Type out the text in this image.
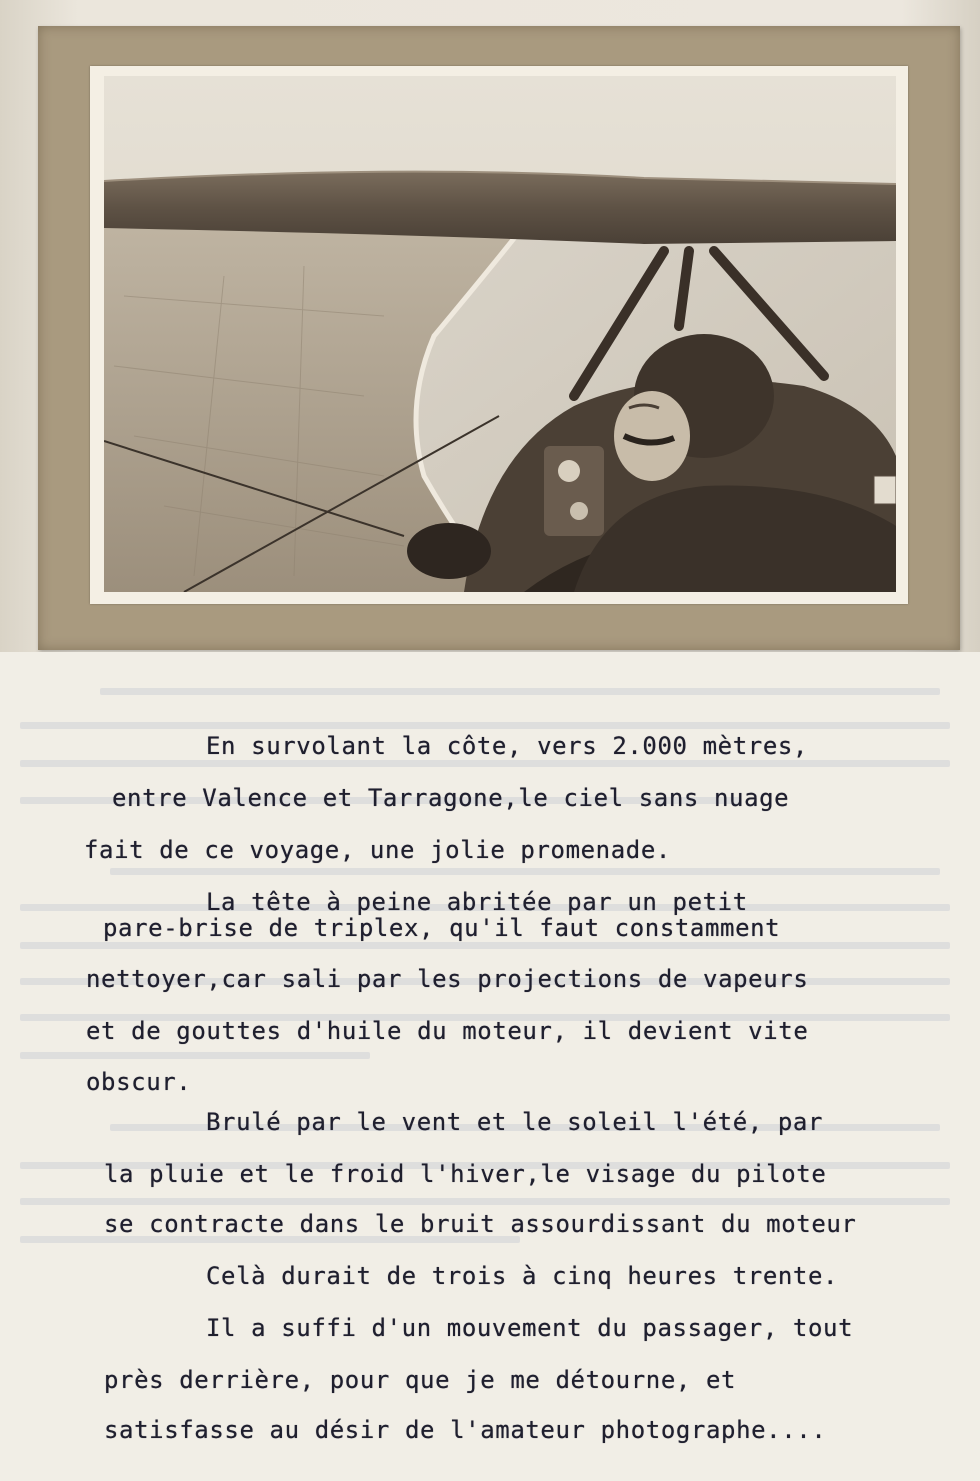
En survolant la côte, vers 2.000 mètres,
entre Valence et Tarragone,le ciel sans nuage
fait de ce voyage, une jolie promenade.
La tête à peine abritée par un petit
pare-brise de triplex, qu'il faut constamment
nettoyer,car sali par les projections de vapeurs
et de gouttes d'huile du moteur, il devient vite
obscur.
Brulé par le vent et le soleil l'été, par
la pluie et le froid l'hiver,le visage du pilote
se contracte dans le bruit assourdissant du moteur
Celà durait de trois à cinq heures trente.
Il a suffi d'un mouvement du passager, tout
près derrière, pour que je me détourne, et
satisfasse au désir de l'amateur photographe....
